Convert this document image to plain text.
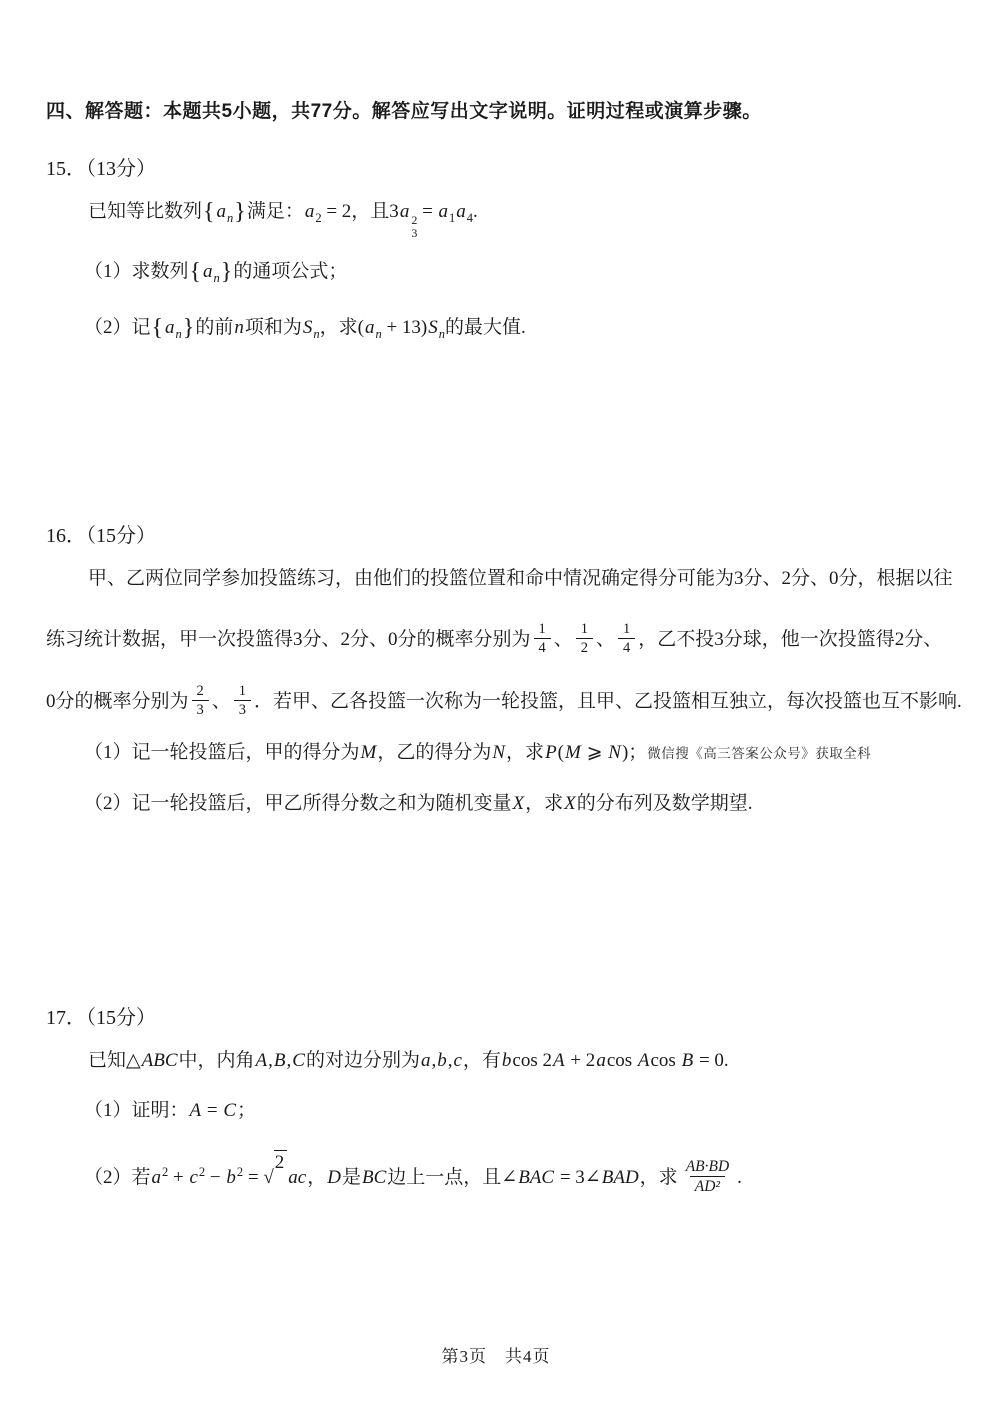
四、解答题：本题共5小题，共77分。解答应写出文字说明。证明过程或演算步骤。
15．（13分）
已知等比数列{ $a_n$}满足：$a_2 = 2$，且3a 2
3
= $a_1a_4$.
（1）求数列{ $a_n$}的通项公式；
（2）记{ $a_n$}的前n项和为$S_n$，求$(a_n + 13)S_n$的最大值.
16．（15分）
甲、乙两位同学参加投篮练习，由他们的投篮位置和命中情况确定得分可能为3分、2分、0分，根据以往
练习统计数据，甲一次投篮得3分、2分、0分的概率分别为 $\frac{1}{4}$ 、 $\frac{1}{2}$ 、 $\frac{1}{4}$ ，乙不投3分球，他一次投篮得2分、
0分的概率分别为 $\frac{2}{3}$ 、 $\frac{1}{3}$ ．若甲、乙各投篮一次称为一轮投篮，且甲、乙投篮相互独立，每次投篮也互不影响.
（1）记一轮投篮后，甲的得分为M，乙的得分为N，求P(M ⩾ N)；微信搜《高三答案公众号》获取全科
（2）记一轮投篮后，甲乙所得分数之和为随机变量X，求X的分布列及数学期望.
17．（15分）
已知△ABC中，内角A,B,C的对边分别为a,b,c，有bcos 2A + 2acos Acos B = 0.
（1）证明：A = C；
（2）若$a^2 + c^2 - b^2$ = √
2
ac，D是BC边上一点，且∠BAC = 3∠BAD，求 $\frac{AB\cdot BD}{\text{AD²}}$ .
第3页　共4页
